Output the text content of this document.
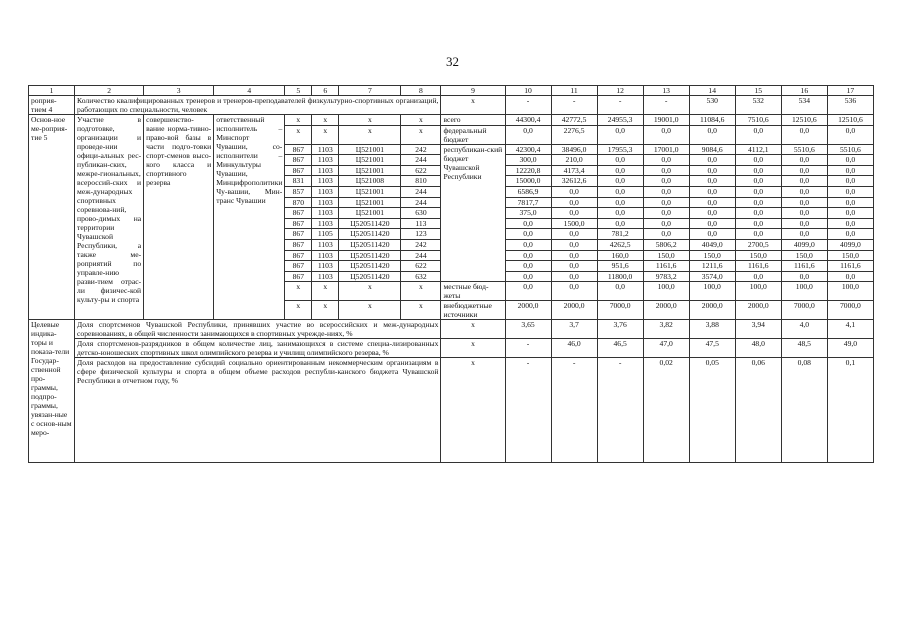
32
1	2	3	4	5	6	7	8	9	10	11	12	13	14	15	16	17
роприя-тием 4	Количество квалифицированных тренеров и тренеров-преподавателей физкультурно-спортивных организаций, работающих по специальности, человек							x	-	-	-	-	530	532	534	536
Основ-ное ме-роприя-тие 5	Участие в подготовке, организации и проведе-нии офици-альных рес-публикан-ских, межре-гиональных, всероссий-ских и меж-дународных спортивных соревнова-ний, прово-димых на территории Чувашской Республики, а также ме-роприятий по управле-нию разви-тием отрас-ли физичес-кой культу-ры и спорта	совершенство-вание норма-тивно-право-вой базы в части подго-товки спорт-сменов высо-кого класса и спортивного резерва	ответственный исполнитель – Минспорт Чувашии, со-исполнители – Минкультуры Чувашии, Минцифрополитики Чу-вашии, Мин-транс Чувашии	x	x	x	x	всего	44300,4	42772,5	24955,3	19001,0	11084,6	7510,6	12510,6	12510,6
				x	x	x	x	федеральный бюджет	0,0	2276,5	0,0	0,0	0,0	0,0	0,0	0,0
				867	1103	Ц521001	242	республикан-ский бюджет Чувашской Республики	42300,4	38496,0	17955,3	17001,0	9084,6	4112,1	5510,6	5510,6
				867	1103	Ц521001	244		300,0	210,0	0,0	0,0	0,0	0,0	0,0	0,0
				867	1103	Ц521001	622		12220,8	4173,4	0,0	0,0	0,0	0,0	0,0	0,0
				831	1103	Ц521008	810		15000,0	32612,6	0,0	0,0	0,0	0,0	0,0	0,0
				857	1103	Ц521001	244		6586,9	0,0	0,0	0,0	0,0	0,0	0,0	0,0
				870	1103	Ц521001	244		7817,7	0,0	0,0	0,0	0,0	0,0	0,0	0,0
				867	1103	Ц521001	630		375,0	0,0	0,0	0,0	0,0	0,0	0,0	0,0
				867	1103	Ц520511420	113		0,0	1500,0	0,0	0,0	0,0	0,0	0,0	0,0
				867	1105	Ц520511420	123		0,0	0,0	781,2	0,0	0,0	0,0	0,0	0,0
				867	1103	Ц520511420	242		0,0	0,0	4262,5	5806,2	4049,0	2700,5	4099,0	4099,0
				867	1103	Ц520511420	244		0,0	0,0	160,0	150,0	150,0	150,0	150,0	150,0
				867	1103	Ц520511420	622		0,0	0,0	951,6	1161,6	1211,6	1161,6	1161,6	1161,6
				867	1103	Ц520511420	632		0,0	0,0	11800,0	9783,2	3574,0	0,0	0,0	0,0
				x	x	x	x	местные бюд-жеты	0,0	0,0	0,0	100,0	100,0	100,0	100,0	100,0
				x	x	x	x	внебюджетные источники	2000,0	2000,0	7000,0	2000,0	2000,0	2000,0	7000,0	7000,0
Целевые индика-торы и показа-тели Государ-ственной про-граммы, подпро-граммы, увязан-ные с основ-ным меро-	Доля спортсменов Чувашской Республики, принявших участие во всероссийских и меж-дународных соревнованиях, в общей численности занимающихся в спортивных учрежде-ниях, %							x	3,65	3,7	3,76	3,82	3,88	3,94	4,0	4,1
	Доля спортсменов-разрядников в общем количестве лиц, занимающихся в системе специа-лизированных детско-юношеских спортивных школ олимпийского резерва и училищ олимпийского резерва, %							x	-	46,0	46,5	47,0	47,5	48,0	48,5	49,0
	Доля расходов на предоставление субсидий социально ориентированным некоммерческим организациям в сфере физической культуры и спорта в общем объеме расходов республи-канского бюджета Чувашской Республики в отчетном году, %							x	-	-	-	0,02	0,05	0,06	0,08	0,1
